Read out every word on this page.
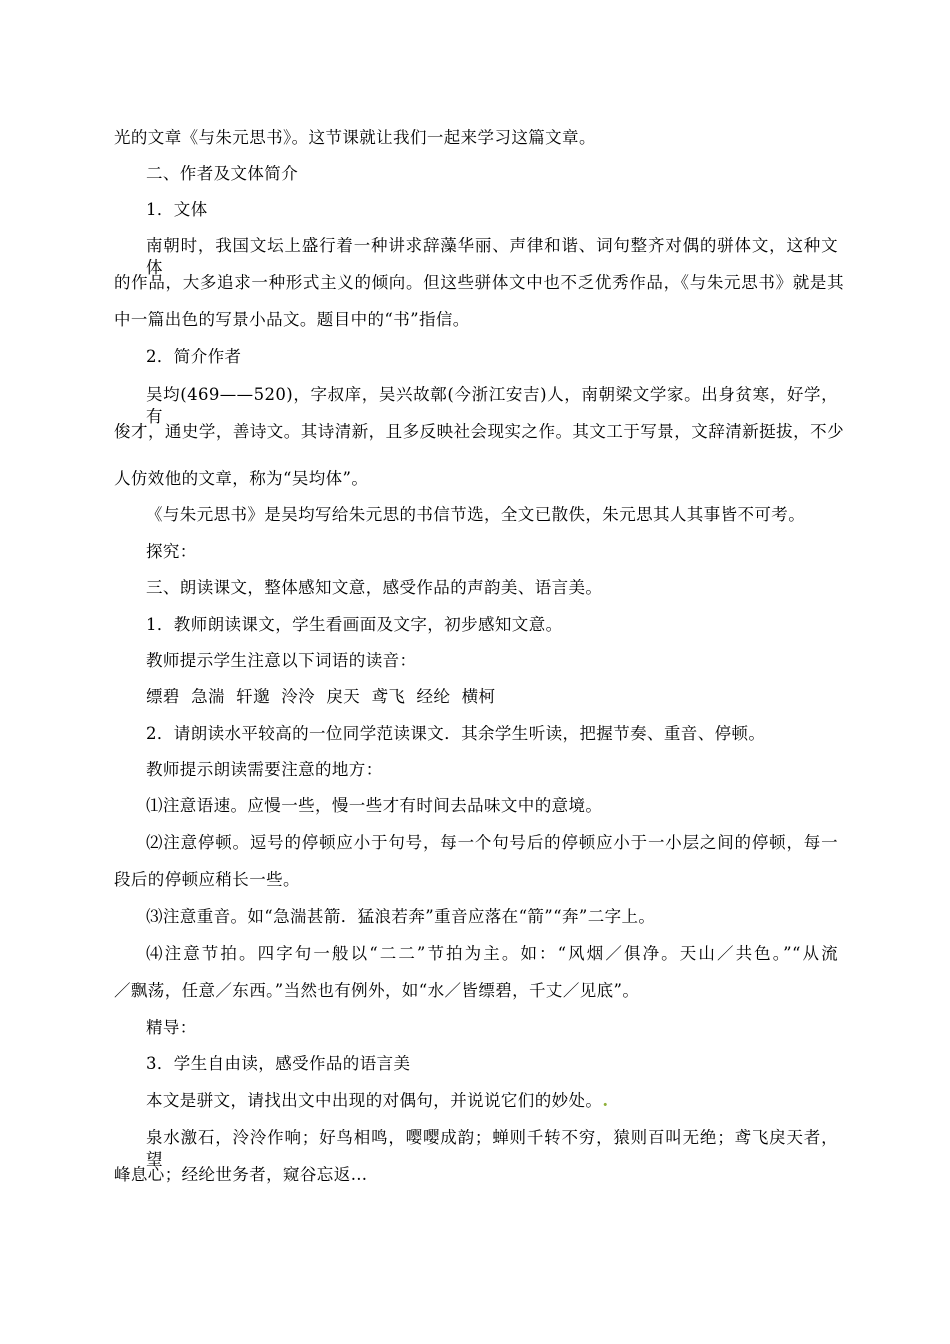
光的文章《与朱元思书》。这节课就让我们一起来学习这篇文章。
二、作者及文体简介
1．文体
南朝时，我国文坛上盛行着一种讲求辞藻华丽、声律和谐、词句整齐对偶的骈体文，这种文体
的作品，大多追求一种形式主义的倾向。但这些骈体文中也不乏优秀作品，《与朱元思书》就是其
中一篇出色的写景小品文。题目中的“书”指信。
2．简介作者
吴均(469——520)，字叔庠，吴兴故鄣(今浙江安吉)人，南朝梁文学家。出身贫寒，好学，有
俊才，通史学，善诗文。其诗清新，且多反映社会现实之作。其文工于写景，文辞清新挺拔，不少
人仿效他的文章，称为“吴均体”。
《与朱元思书》是吴均写给朱元思的书信节选，全文已散佚，朱元思其人其事皆不可考。
探究：
三、朗读课文，整体感知文意，感受作品的声韵美、语言美。
1．教师朗读课文，学生看画面及文字，初步感知文意。
教师提示学生注意以下词语的读音：
缥碧  急湍  轩邈  泠泠  戾天  鸢飞  经纶  横柯
2．请朗读水平较高的一位同学范读课文．其余学生听读，把握节奏、重音、停顿。
教师提示朗读需要注意的地方：
⑴注意语速。应慢一些，慢一些才有时间去品味文中的意境。
⑵注意停顿。逗号的停顿应小于句号，每一个句号后的停顿应小于一小层之间的停顿，每一
段后的停顿应稍长一些。
⑶注意重音。如“急湍甚箭．猛浪若奔”重音应落在“箭”“奔”二字上。
⑷注意节拍。四字句一般以“二二”节拍为主。如：“风烟／俱净。天山／共色。”“从流
／飘荡，任意／东西。”当然也有例外，如“水／皆缥碧，千丈／见底”。
精导：
3．学生自由读，感受作品的语言美
本文是骈文，请找出文中出现的对偶句，并说说它们的妙处。.
泉水激石，泠泠作响；好鸟相鸣，嘤嘤成韵；蝉则千转不穷，猿则百叫无绝；鸢飞戾天者，望
峰息心；经纶世务者，窥谷忘返…
